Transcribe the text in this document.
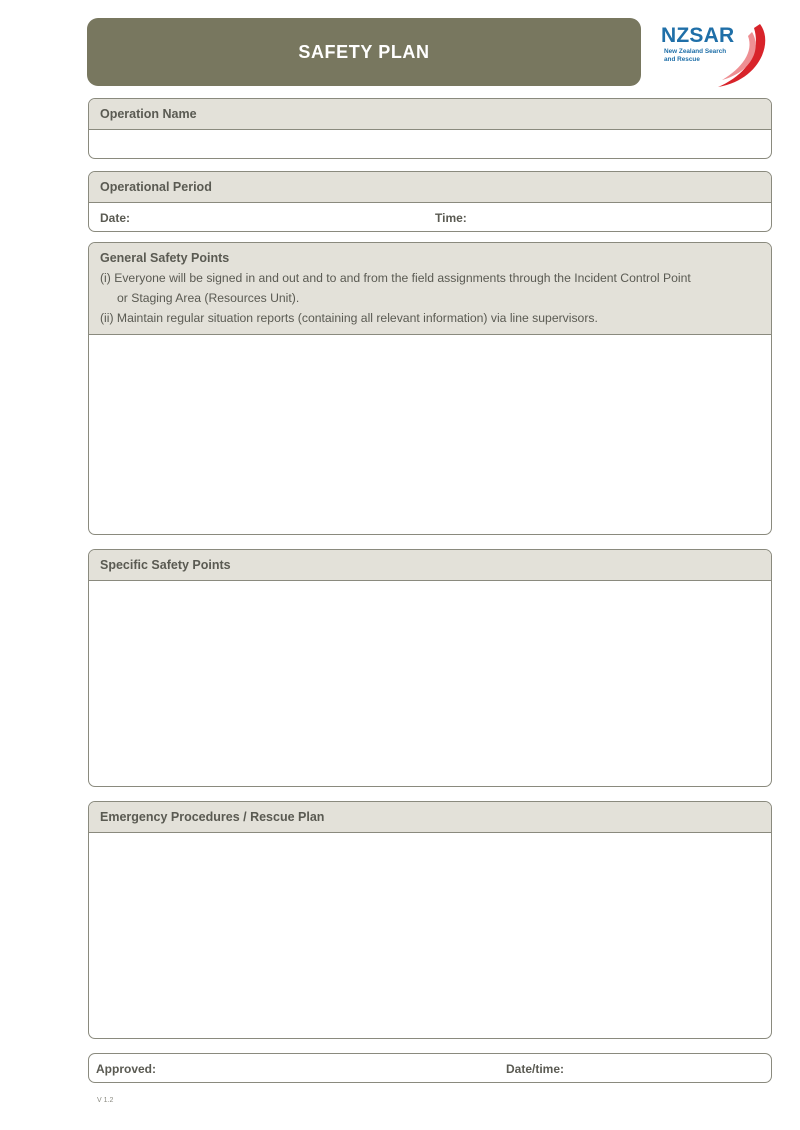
SAFETY PLAN
NZSAR
New Zealand Search
and Rescue
Operation Name
Operational Period
Date:	Time:
General Safety Points
(i) Everyone will be signed in and out and to and from the field assignments through the Incident Control Point
or Staging Area (Resources Unit).
(ii) Maintain regular situation reports (containing all relevant information) via line supervisors.
Specific Safety Points
Emergency Procedures / Rescue Plan
Approved:	Date/time:
V 1.2
